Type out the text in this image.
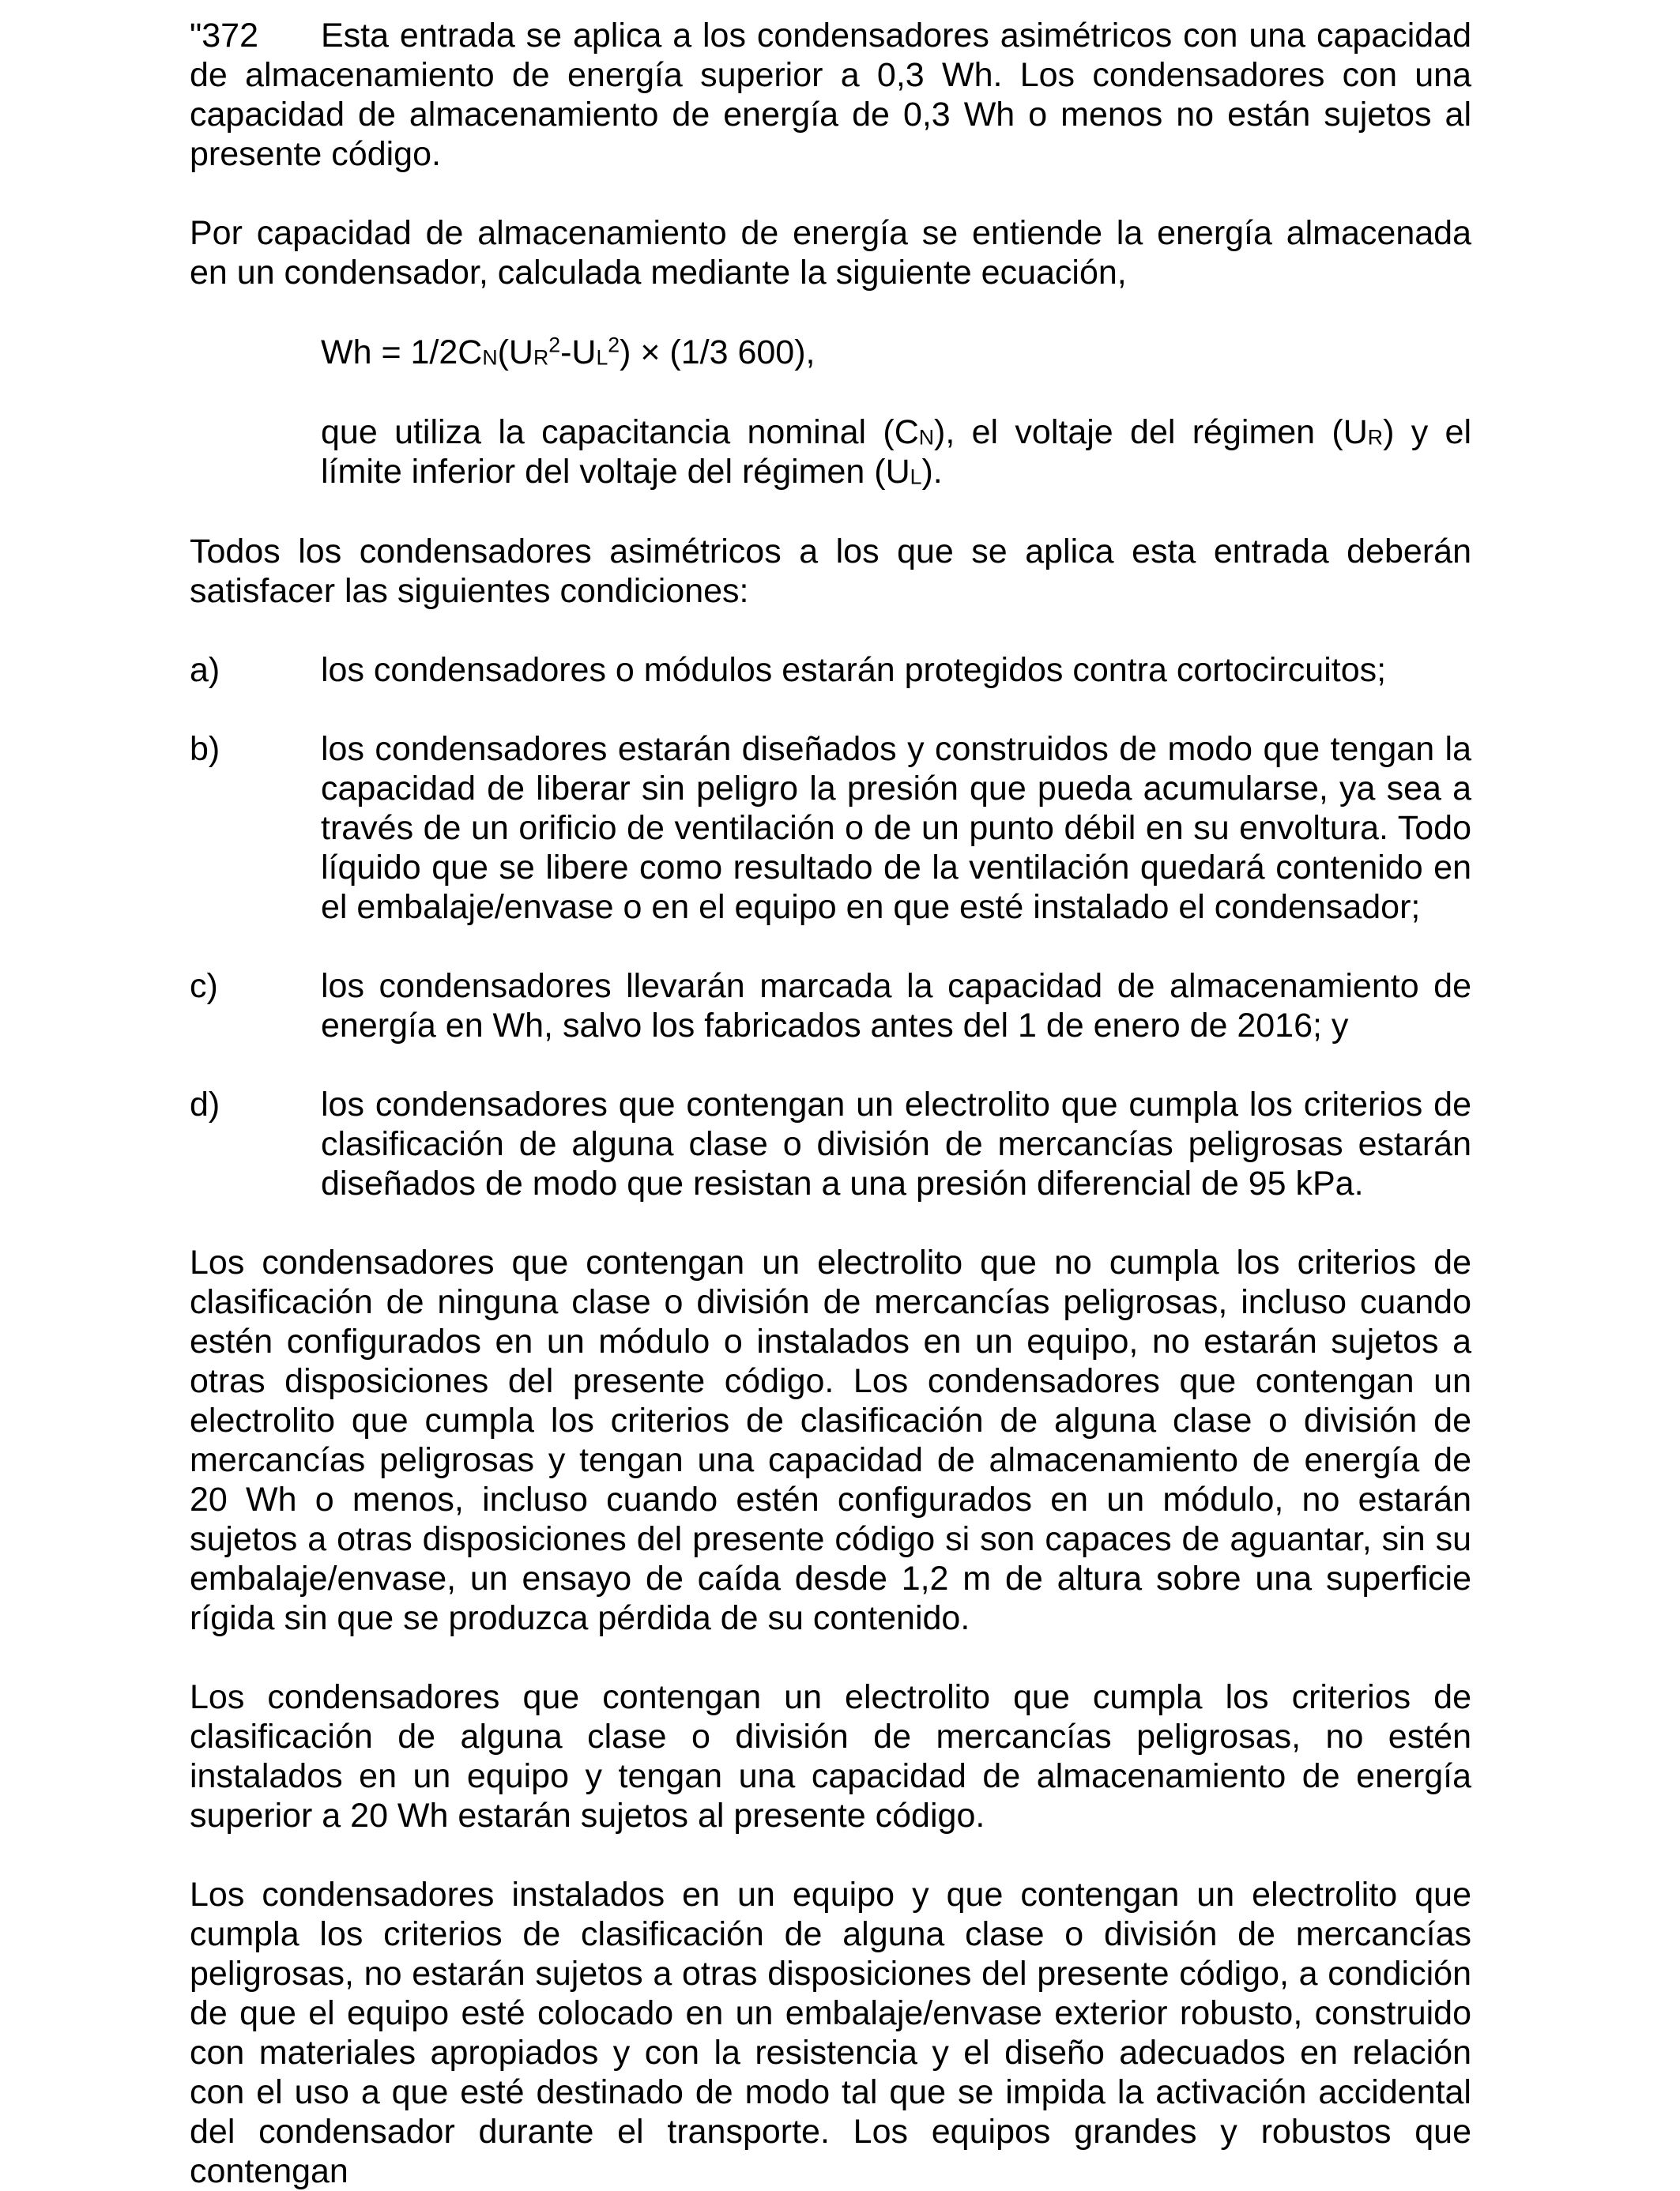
"372 Esta entrada se aplica a los condensadores asimétricos con una capacidad de almacenamiento de energía superior a 0,3 Wh. Los condensadores con una capacidad de almacenamiento de energía de 0,3 Wh o menos no están sujetos al presente código.

Por capacidad de almacenamiento de energía se entiende la energía almacenada en un condensador, calculada mediante la siguiente ecuación,

$Wh = 1/2C_N(U_R^2-U_L^2) \times (1/3$ 600),

que utiliza la capacitancia nominal $(C_N)$, el voltaje del régimen $(U_R)$ y el límite inferior del voltaje del régimen $(U_L)$.

Todos los condensadores asimétricos a los que se aplica esta entrada deberán satisfacer las siguientes condiciones:

a)	los condensadores o módulos estarán protegidos contra cortocircuitos;
b)	los condensadores estarán diseñados y construidos de modo que tengan la capacidad de liberar sin peligro la presión que pueda acumularse, ya sea a través de un orificio de ventilación o de un punto débil en su envoltura. Todo líquido que se libere como resultado de la ventilación quedará contenido en el embalaje/envase o en el equipo en que esté instalado el condensador;
c)	los condensadores llevarán marcada la capacidad de almacenamiento de energía en Wh, salvo los fabricados antes del 1 de enero de 2016; y
d)	los condensadores que contengan un electrolito que cumpla los criterios de clasificación de alguna clase o división de mercancías peligrosas estarán diseñados de modo que resistan a una presión diferencial de 95 kPa.

Los condensadores que contengan un electrolito que no cumpla los criterios de clasificación de ninguna clase o división de mercancías peligrosas, incluso cuando estén configurados en un módulo o instalados en un equipo, no estarán sujetos a otras disposiciones del presente código. Los condensadores que contengan un electrolito que cumpla los criterios de clasificación de alguna clase o división de mercancías peligrosas y tengan una capacidad de almacenamiento de energía de 20 Wh o menos, incluso cuando estén configurados en un módulo, no estarán sujetos a otras disposiciones del presente código si son capaces de aguantar, sin su embalaje/envase, un ensayo de caída desde 1,2 m de altura sobre una superficie rígida sin que se produzca pérdida de su contenido.

Los condensadores que contengan un electrolito que cumpla los criterios de clasificación de alguna clase o división de mercancías peligrosas, no estén instalados en un equipo y tengan una capacidad de almacenamiento de energía superior a 20 Wh estarán sujetos al presente código.

Los condensadores instalados en un equipo y que contengan un electrolito que cumpla los criterios de clasificación de alguna clase o división de mercancías peligrosas, no estarán sujetos a otras disposiciones del presente código, a condición de que el equipo esté colocado en un embalaje/envase exterior robusto, construido con materiales apropiados y con la resistencia y el diseño adecuados en relación con el uso a que esté destinado de modo tal que se impida la activación accidental del condensador durante el transporte. Los equipos grandes y robustos que contengan
